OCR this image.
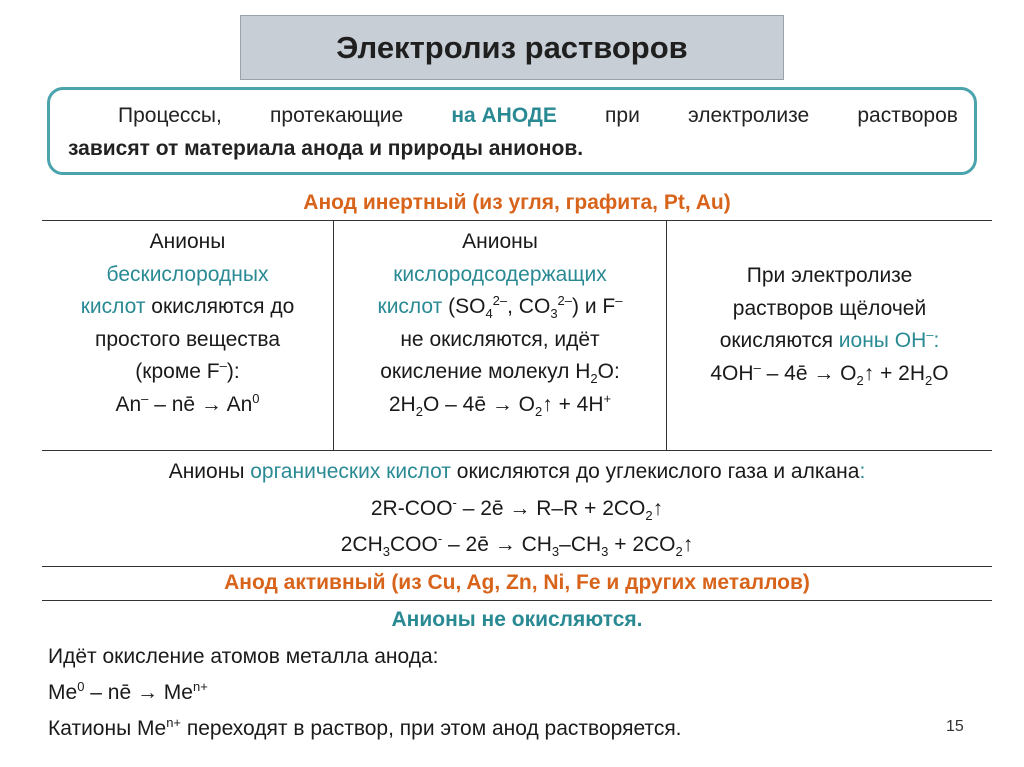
Электролиз растворов
Процессы, протекающие на АНОДЕ при электролизе растворов
зависят от материала анода и природы анионов.
Анод инертный (из угля, графита, Pt, Au)
Анионы
бескислородных
кислот окисляются до
простого вещества
(кроме F–):
An– – nē → $An^0$
Анионы
кислородсодержащих
кислот ($SO_4^{2-}$, $CO_3^{2-}$) и F–
не окисляются, идёт
окисление молекул $H_2O$:
$2H_2O$ – 4ē → $O_2↑ + 4H^+$
При электролизе
растворов щёлочей
окисляются ионы OH–:
4OH– – 4ē → $O_2↑ + 2H_2O$
Анионы органических кислот окисляются до углекислого газа и алкана:
2R-COO- – 2ē → $R-R + 2CO_2↑$
$2CH_3COO^-$ – 2ē → $CH_3-CH_3$ + $2CO_2↑$
Анод активный (из Cu, Ag, Zn, Ni, Fe и других металлов)
Анионы не окисляются.
Идёт окисление атомов металла анода:
Me$^0$ – nē → $Me^{n+}$
Катионы $Me^{n+}$ переходят в раствор, при этом анод растворяется.	15
